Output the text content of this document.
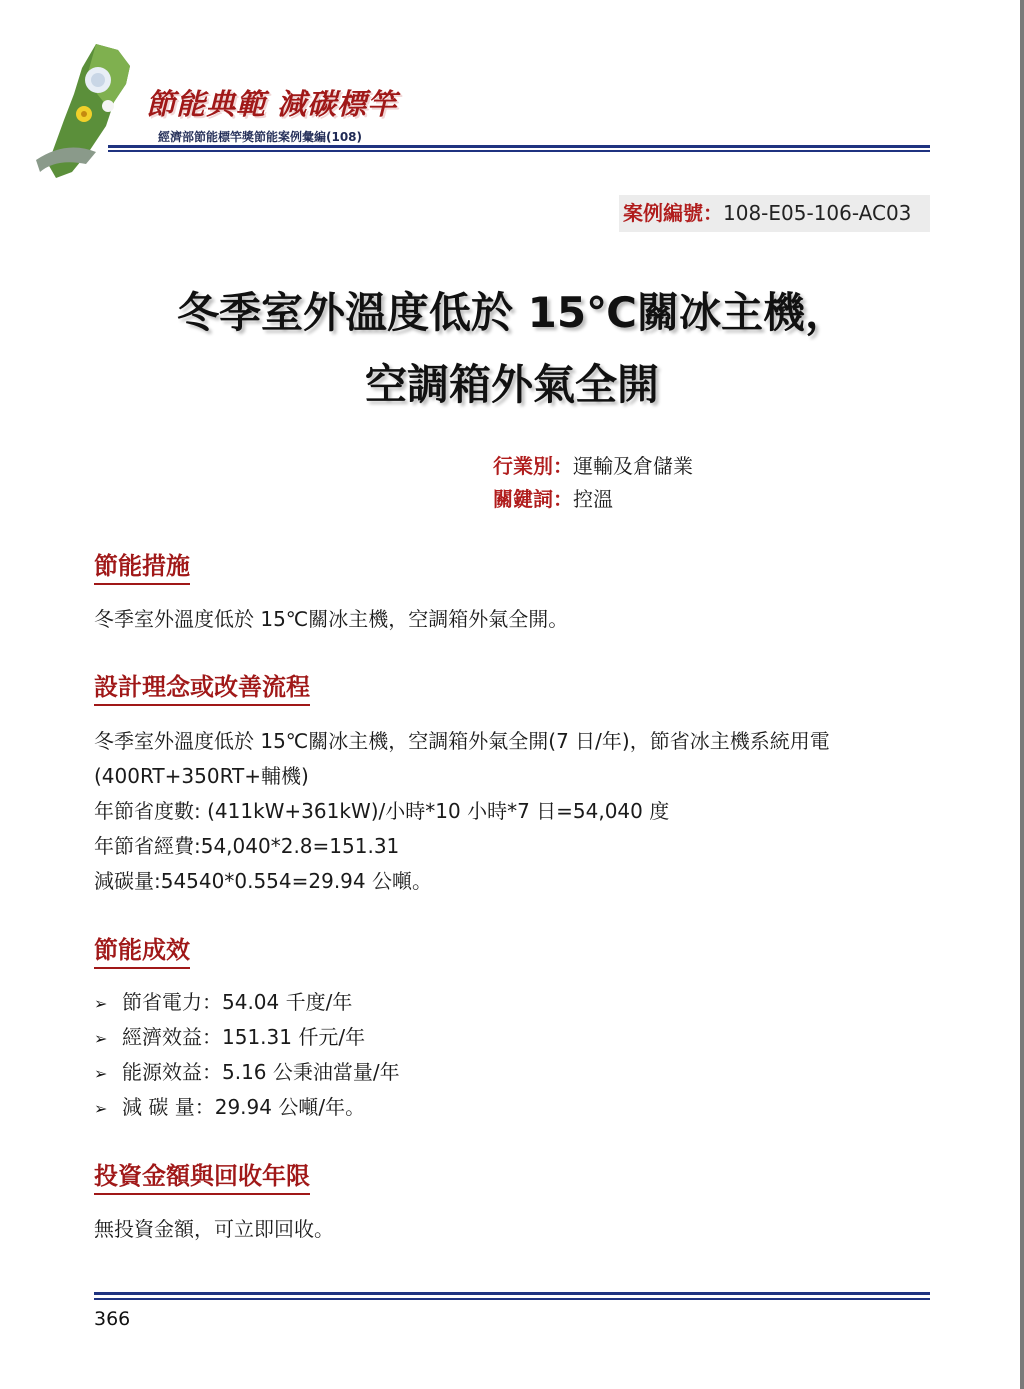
節能典範 減碳標竿
經濟部節能標竿獎節能案例彙編(108)
案例編號：108-E05-106-AC03
冬季室外溫度低於 15℃關冰主機，
空調箱外氣全開
行業別：運輸及倉儲業
關鍵詞：控溫
節能措施
冬季室外溫度低於 15℃關冰主機，空調箱外氣全開。
設計理念或改善流程
冬季室外溫度低於 15℃關冰主機，空調箱外氣全開(7 日/年)，節省冰主機系統用電
(400RT+350RT+輔機)
年節省度數: (411kW+361kW)/小時*10 小時*7 日=54,040 度
年節省經費:54,040*2.8=151.31
減碳量:54540*0.554=29.94 公噸。
節能成效
➢ 節省電力：54.04 千度/年
➢ 經濟效益：151.31 仟元/年
➢ 能源效益：5.16 公秉油當量/年
➢ 減 碳 量：29.94 公噸/年。
投資金額與回收年限
無投資金額，可立即回收。
366
